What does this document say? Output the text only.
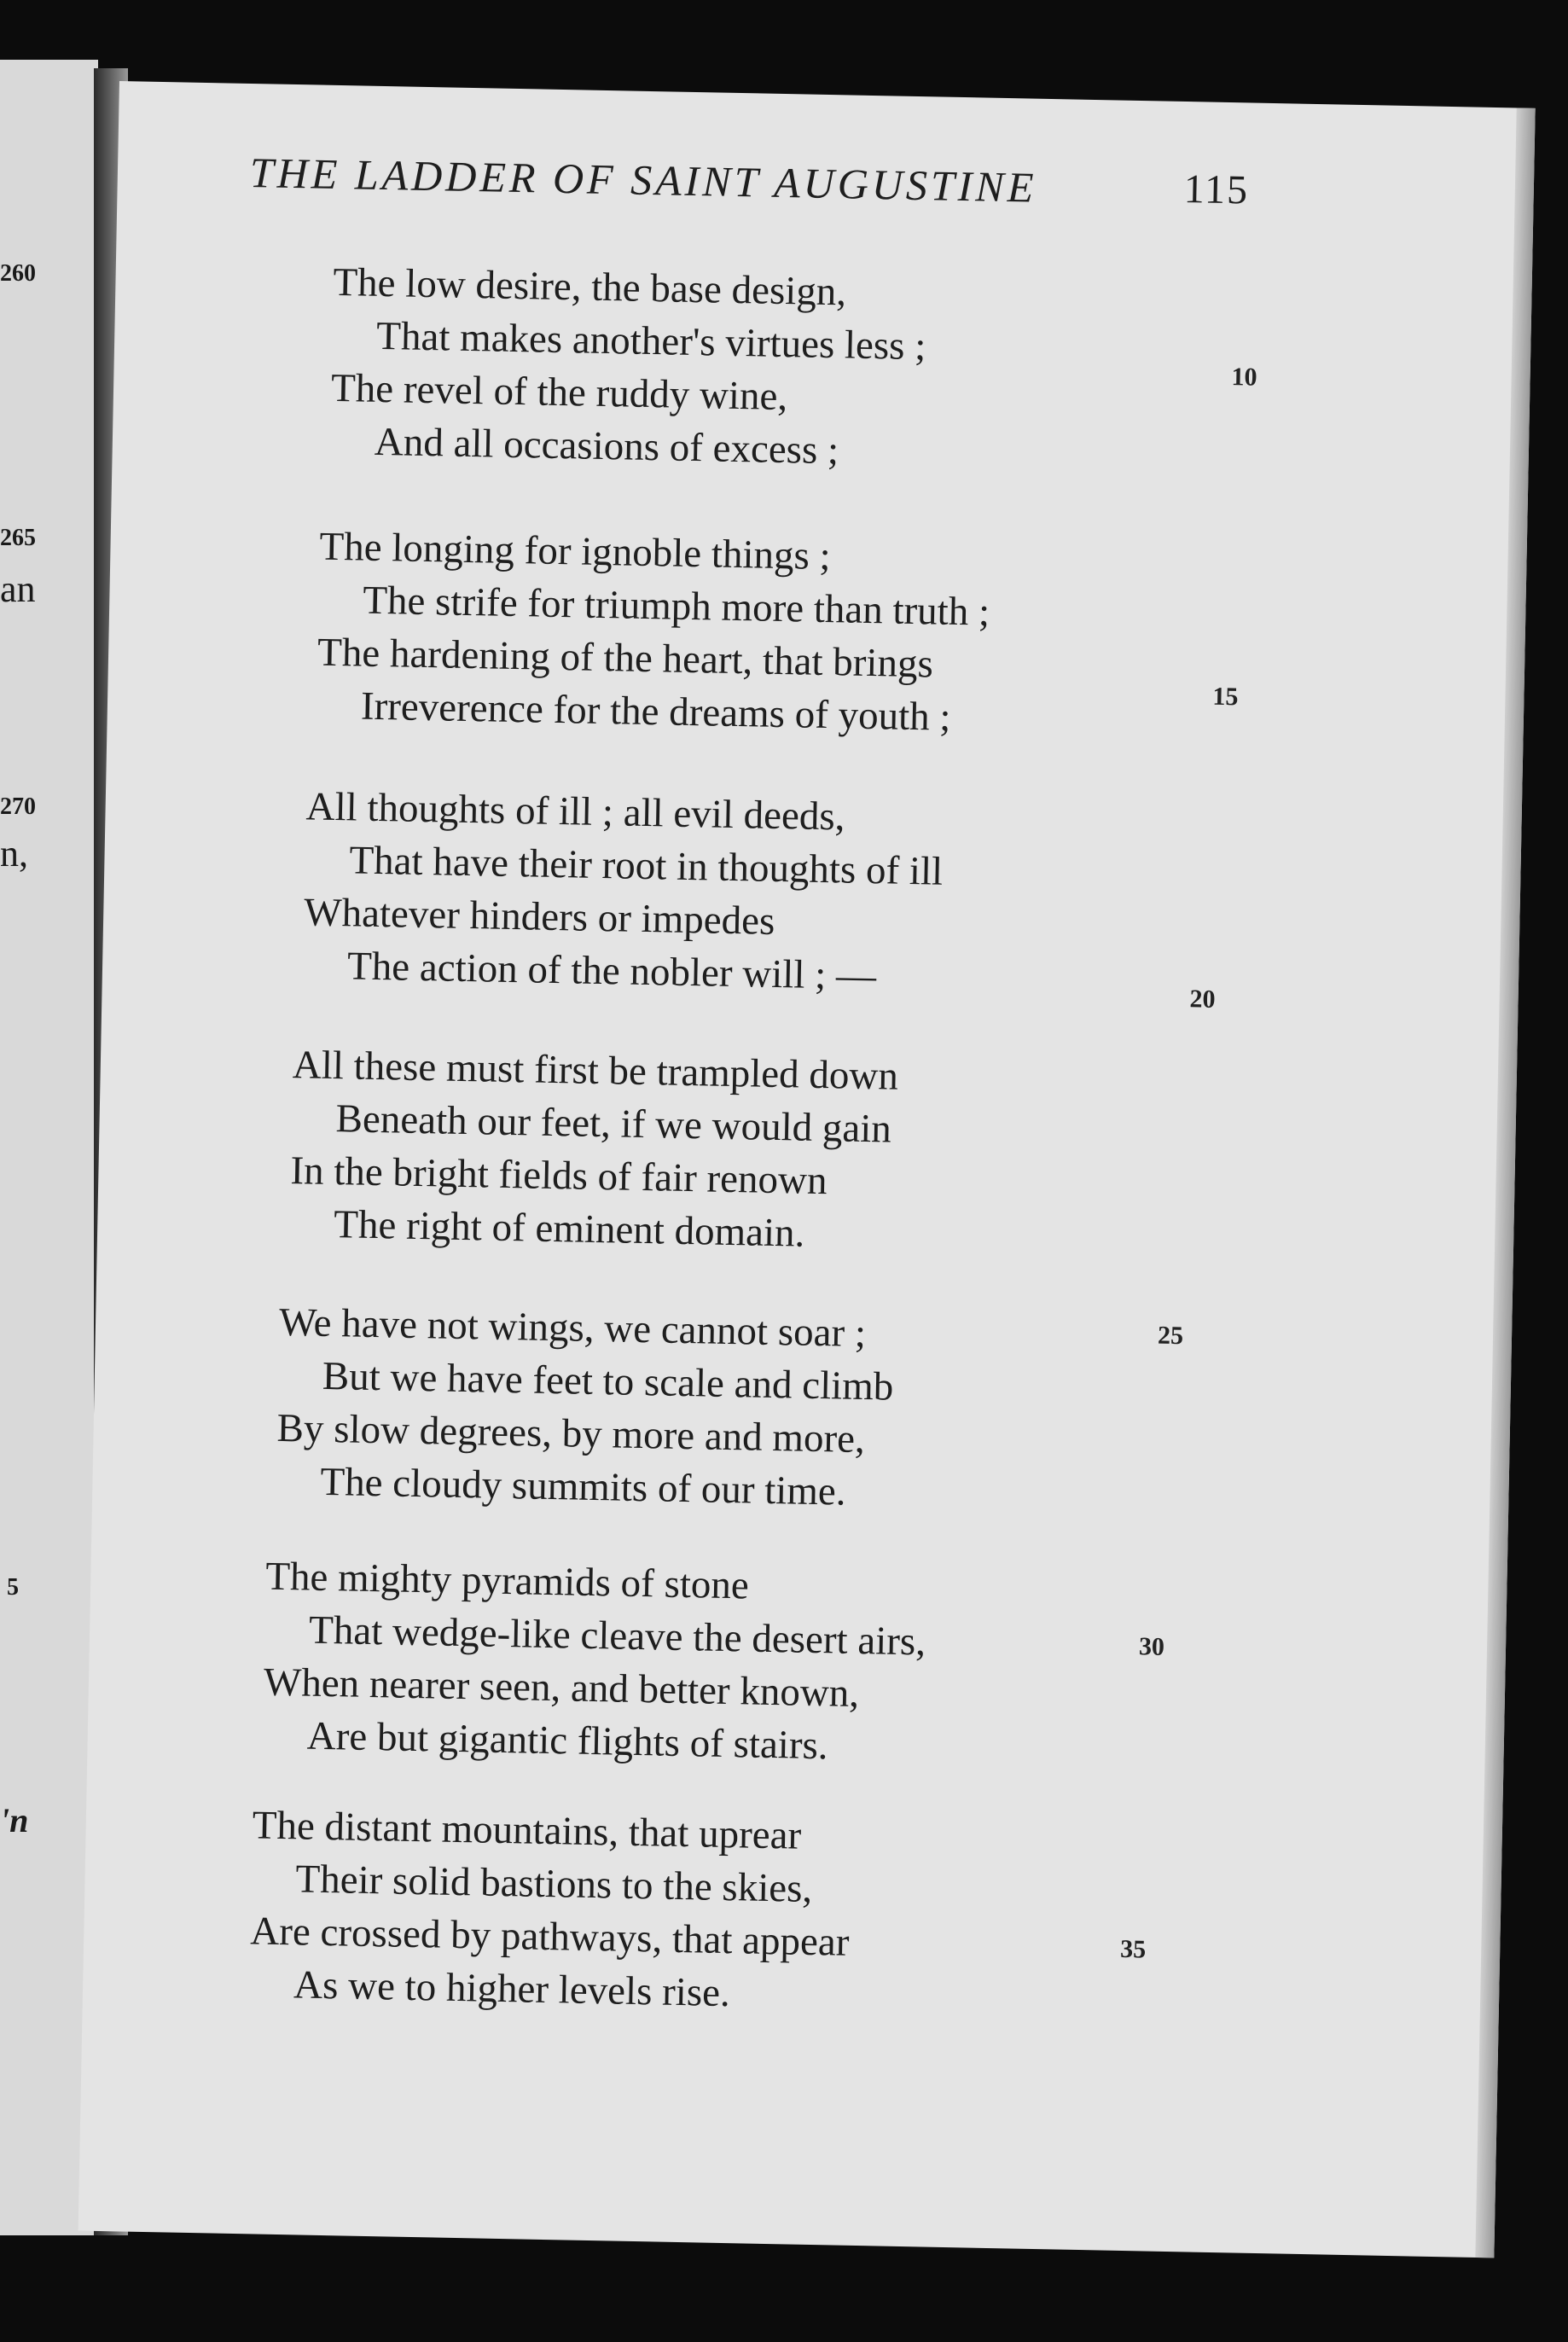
260
265
an
270
n,
5
'n
THE LADDER OF SAINT AUGUSTINE	115
The low desire, the base design,
That makes another's virtues less ;
The revel of the ruddy wine,
And all occasions of excess ;
10
The longing for ignoble things ;
The strife for triumph more than truth ;
The hardening of the heart, that brings
Irreverence for the dreams of youth ;	15
All thoughts of ill ; all evil deeds,
That have their root in thoughts of ill
Whatever hinders or impedes
The action of the nobler will ; —
20
All these must first be trampled down
Beneath our feet, if we would gain
In the bright fields of fair renown
The right of eminent domain.
We have not wings, we cannot soar ;
But we have feet to scale and climb
By slow degrees, by more and more,
The cloudy summits of our time.
25
The mighty pyramids of stone
That wedge-like cleave the desert airs,
When nearer seen, and better known,
Are but gigantic flights of stairs.
30
The distant mountains, that uprear
Their solid bastions to the skies,
Are crossed by pathways, that appear
As we to higher levels rise.
35
